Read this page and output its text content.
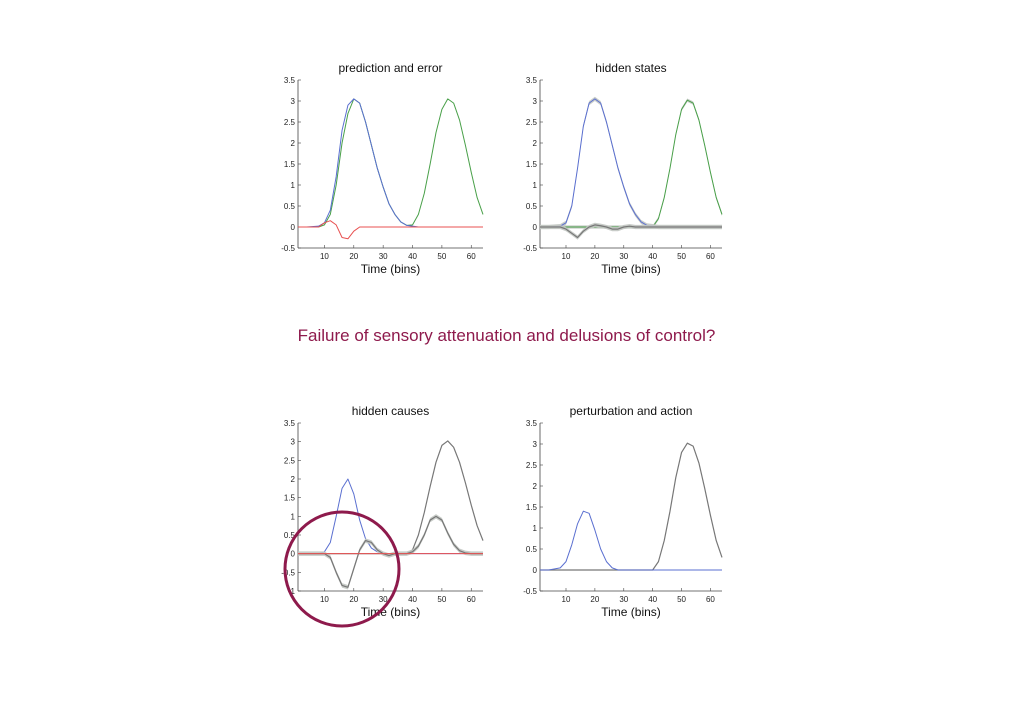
prediction and error
-0.5
0
0.5
1
1.5
2
2.5
3
3.5
10	20	30	40	50	60
Time (bins)
hidden states
-0.5
0
0.5
1
1.5
2
2.5
3
3.5
10 20 30 40 50 60
Time (bins)
hidden causes
-1
-0.5
0
0.5
1
1.5
2
2.5
3
3.5
10	20	30	40	50	60
Time (bins)
perturbation and action
-0.5
0
0.5
1
1.5
2
2.5
3
3.5
10 20 30 40 50 60
Time (bins)
Failure of sensory attenuation and delusions of control?
